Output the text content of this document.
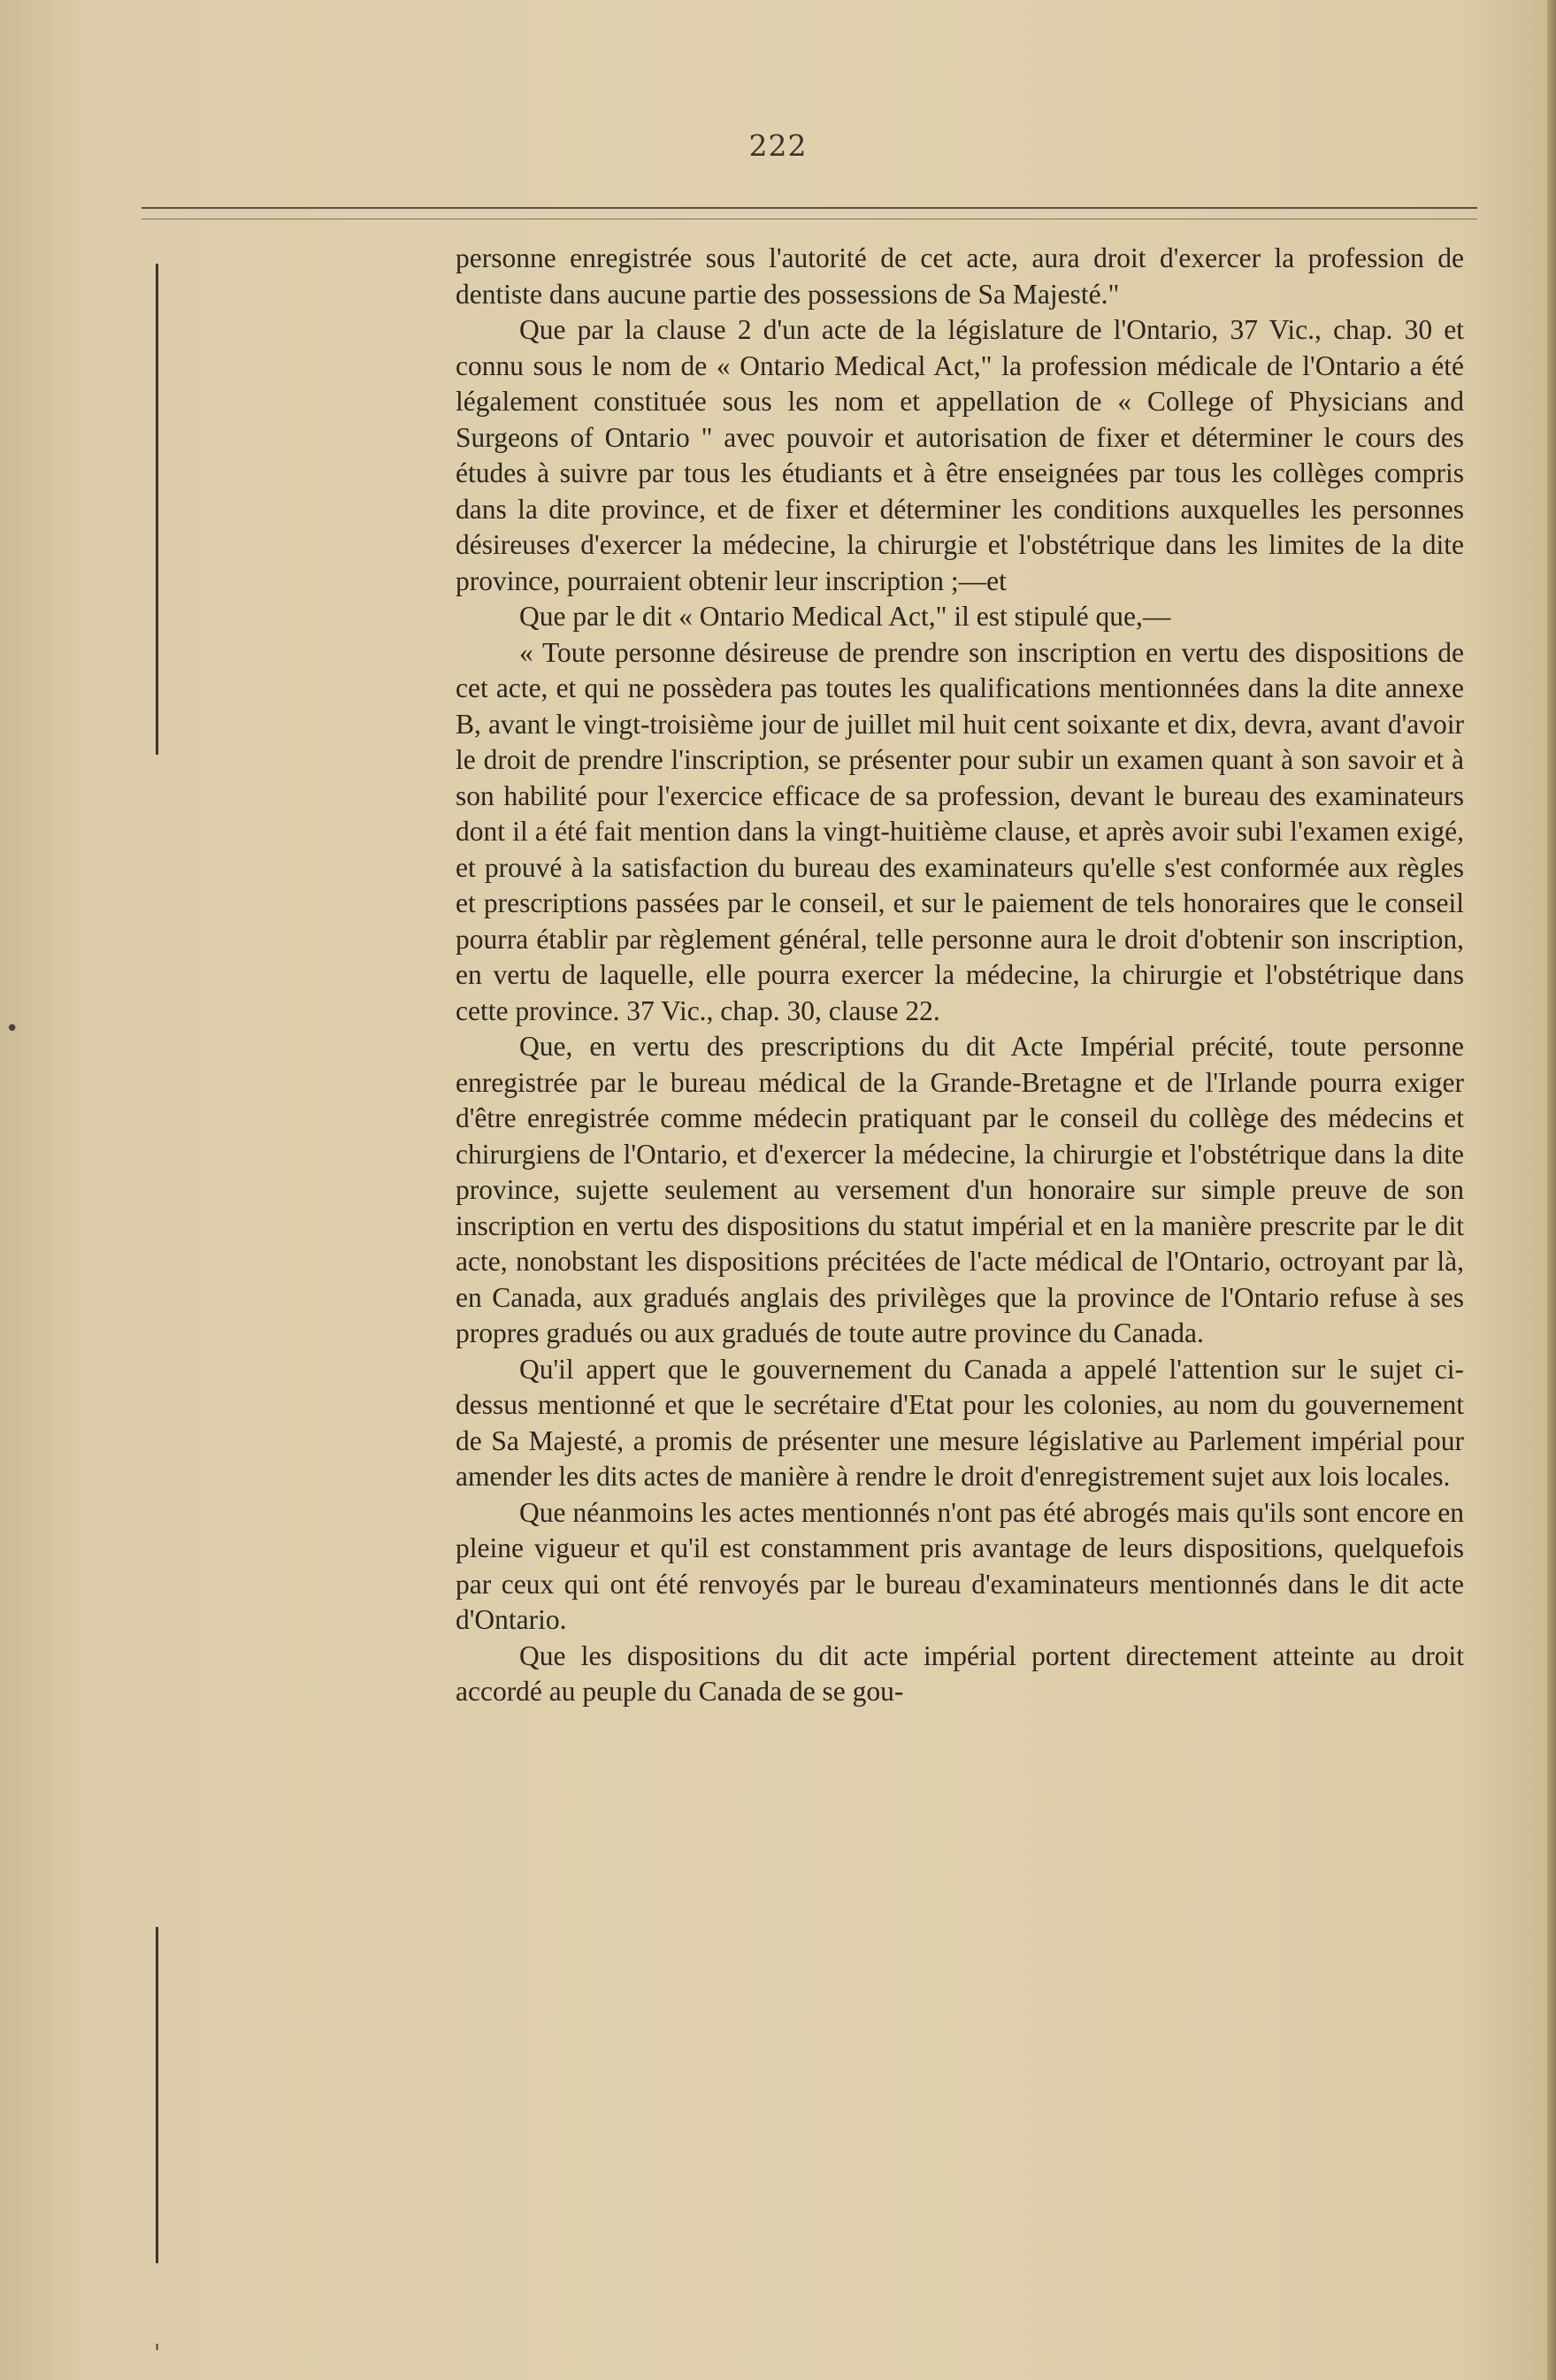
222
•
'

personne enregistrée sous l'autorité de cet acte, aura droit d'exercer la profession de dentiste dans aucune partie des possessions de Sa Majesté."

Que par la clause 2 d'un acte de la législature de l'Ontario, 37 Vic., chap. 30 et connu sous le nom de « Ontario Medical Act," la profession médicale de l'Ontario a été légalement constituée sous les nom et appellation de « College of Physicians and Surgeons of Ontario " avec pouvoir et autorisation de fixer et déterminer le cours des études à suivre par tous les étudiants et à être enseignées par tous les collèges compris dans la dite province, et de fixer et déterminer les conditions auxquelles les personnes désireuses d'exercer la médecine, la chirurgie et l'obstétrique dans les limites de la dite province, pourraient obtenir leur inscription ;—et

Que par le dit « Ontario Medical Act," il est stipulé que,—

« Toute personne désireuse de prendre son inscription en vertu des dispositions de cet acte, et qui ne possèdera pas toutes les qualifications mentionnées dans la dite annexe B, avant le vingt-troisième jour de juillet mil huit cent soixante et dix, devra, avant d'avoir le droit de prendre l'inscription, se présenter pour subir un examen quant à son savoir et à son habilité pour l'exercice efficace de sa profession, devant le bureau des examinateurs dont il a été fait mention dans la vingt-huitième clause, et après avoir subi l'examen exigé, et prouvé à la satisfaction du bureau des examinateurs qu'elle s'est conformée aux règles et prescriptions passées par le conseil, et sur le paiement de tels honoraires que le conseil pourra établir par règlement général, telle personne aura le droit d'obtenir son inscription, en vertu de laquelle, elle pourra exercer la médecine, la chirurgie et l'obstétrique dans cette province. 37 Vic., chap. 30, clause 22.

Que, en vertu des prescriptions du dit Acte Impérial précité, toute personne enregistrée par le bureau médical de la Grande-Bretagne et de l'Irlande pourra exiger d'être enregistrée comme médecin pratiquant par le conseil du collège des médecins et chirurgiens de l'Ontario, et d'exercer la médecine, la chirurgie et l'obstétrique dans la dite province, sujette seulement au versement d'un honoraire sur simple preuve de son inscription en vertu des dispositions du statut impérial et en la manière prescrite par le dit acte, nonobstant les dispositions précitées de l'acte médical de l'Ontario, octroyant par là, en Canada, aux gradués anglais des privilèges que la province de l'Ontario refuse à ses propres gradués ou aux gradués de toute autre province du Canada.

Qu'il appert que le gouvernement du Canada a appelé l'attention sur le sujet ci-dessus mentionné et que le secrétaire d'Etat pour les colonies, au nom du gouvernement de Sa Majesté, a promis de présenter une mesure législative au Parlement impérial pour amender les dits actes de manière à rendre le droit d'enregistrement sujet aux lois locales.

Que néanmoins les actes mentionnés n'ont pas été abrogés mais qu'ils sont encore en pleine vigueur et qu'il est constamment pris avantage de leurs dispositions, quelquefois par ceux qui ont été renvoyés par le bureau d'examinateurs mentionnés dans le dit acte d'Ontario.

Que les dispositions du dit acte impérial portent directement atteinte au droit accordé au peuple du Canada de se gou-
